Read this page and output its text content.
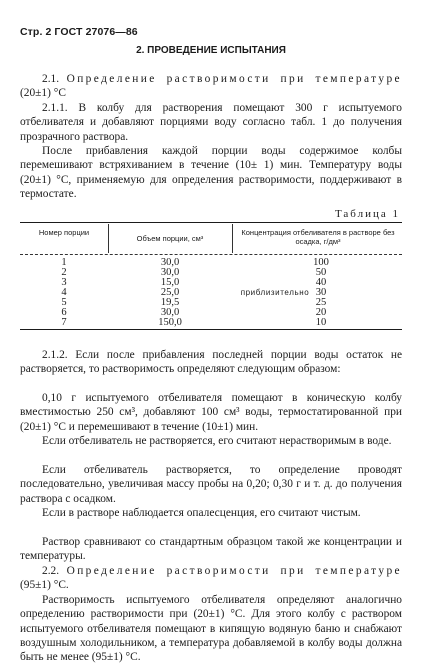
Стр. 2 ГОСТ 27076—86
2. ПРОВЕДЕНИЕ ИСПЫТАНИЯ
2.1. Определение растворимости при температуре (20±1) °С
2.1.1. В колбу для растворения помещают 300 г испытуемого отбеливателя и добавляют порциями воду согласно табл. 1 до получения прозрачного раствора.
После прибавления каждой порции воды содержимое колбы перемешивают встряхиванием в течение (10± 1) мин. Температуру воды (20±1) °С, применяемую для определения растворимости, поддерживают в термостате.
Таблица 1
Номер порции
Объем порции, см³
Концентрация отбеливателя в растворе без осадка, г/дм³
1
2
3
4
5
6
7
30,0
30,0
15,0
25,0
19,5
30,0
150,0
приблизительно
100
50
40
30
25
20
10
2.1.2. Если после прибавления последней порции воды остаток не растворяется, то растворимость определяют следующим образом:
0,10 г испытуемого отбеливателя помещают в коническую колбу вместимостью 250 см³, добавляют 100 см³ воды, термостатированной при (20±1) °С и перемешивают в течение (10±1) мин.
Если отбеливатель не растворяется, его считают нерастворимым в воде.
Если отбеливатель растворяется, то определение проводят последовательно, увеличивая массу пробы на 0,20; 0,30 г и т. д. до получения раствора с осадком.
Если в растворе наблюдается опалесценция, его считают чистым.
Раствор сравнивают со стандартным образцом такой же концентрации и температуры.
2.2. Определение растворимости при температуре (95±1) °С.
Растворимость испытуемого отбеливателя определяют аналогично определению растворимости при (20±1) °С. Для этого колбу с раствором испытуемого отбеливателя помещают в кипящую водяную баню и снабжают воздушным холодильником, а температура добавляемой в колбу воды должна быть не менее (95±1) °С.
